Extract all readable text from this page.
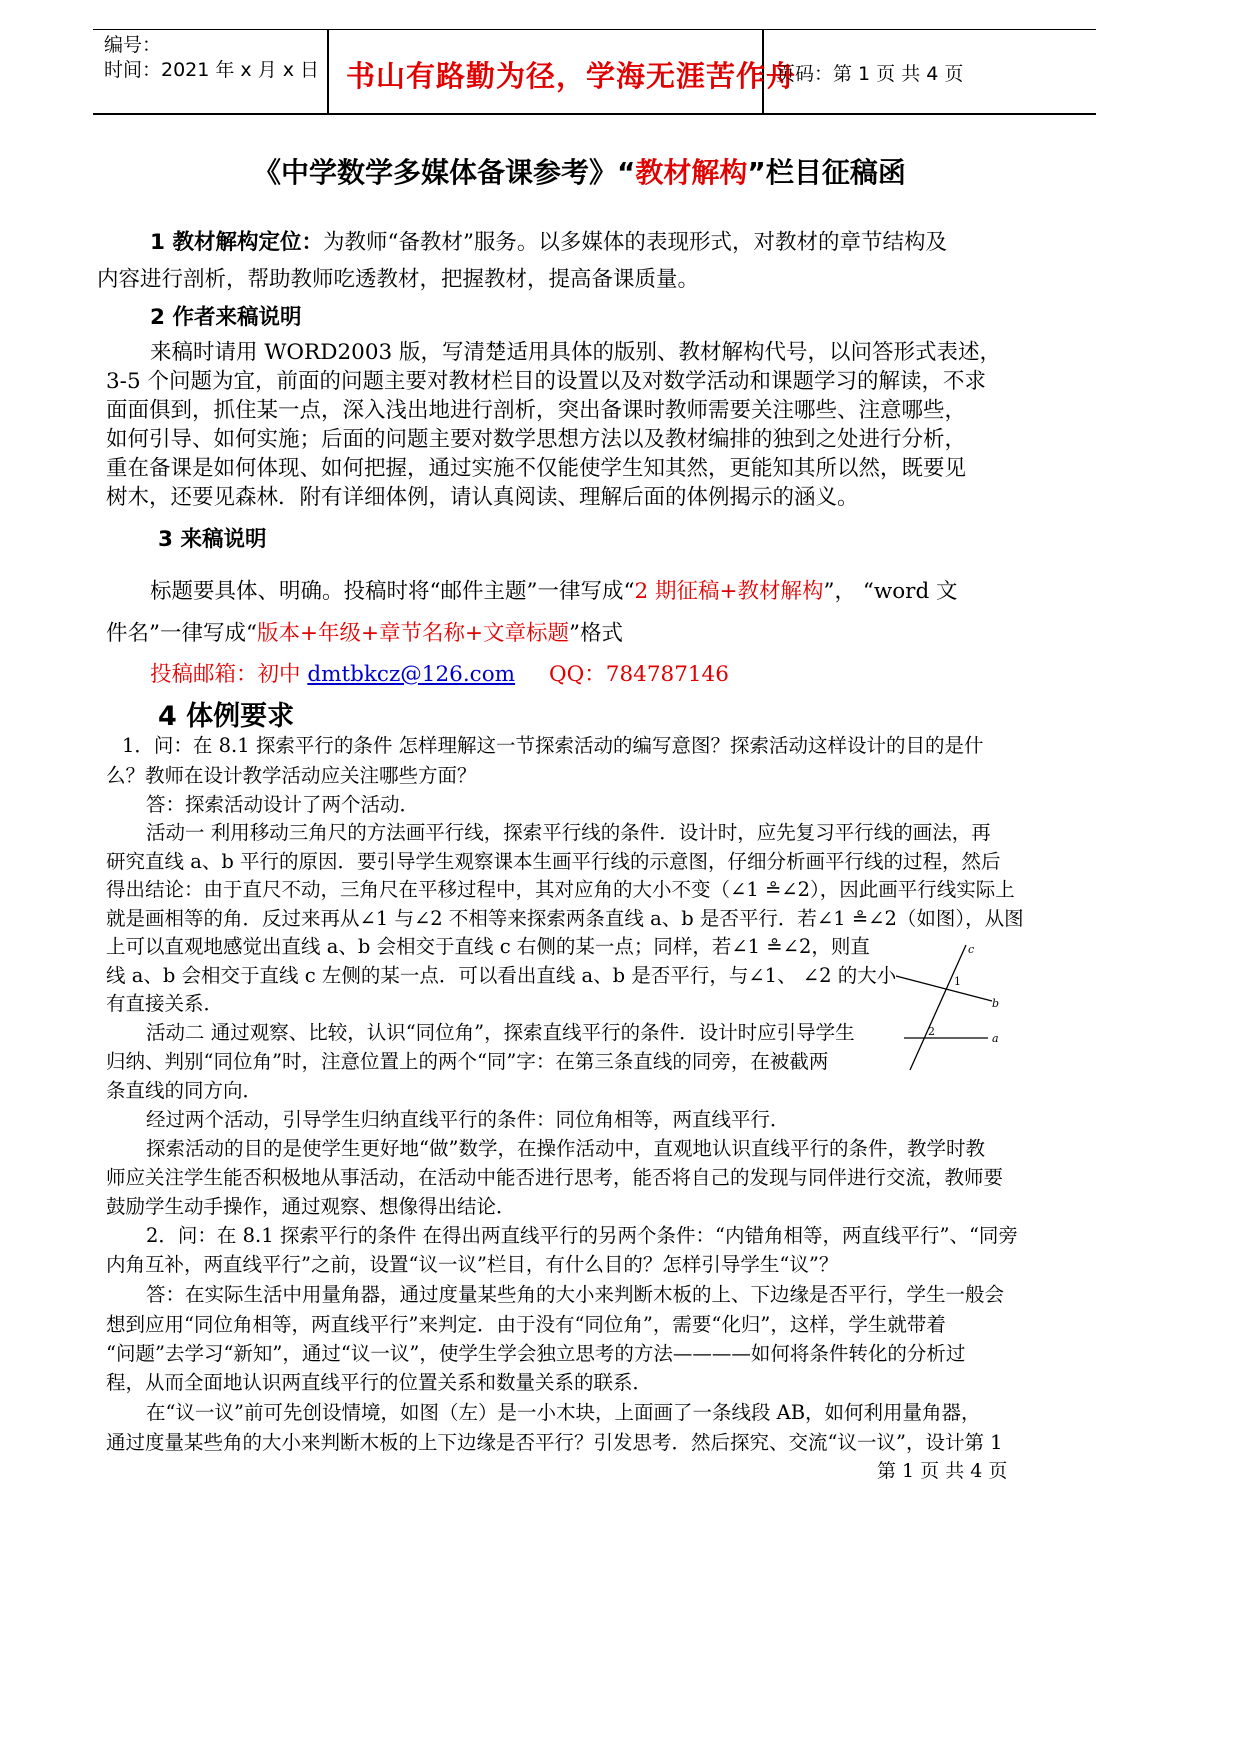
编号：
时间：2021 年 x 月 x 日 书山有路勤为径，学海无涯苦作舟
页码：第 1 页 共 4 页
《中学数学多媒体备课参考》“教材解构”栏目征稿函
1 教材解构定位：为教师“备教材”服务。以多媒体的表现形式，对教材的章节结构及
内容进行剖析，帮助教师吃透教材，把握教材，提高备课质量。
2 作者来稿说明
来稿时请用 WORD2003 版，写清楚适用具体的版别、教材解构代号，以问答形式表述，
3-5 个问题为宜，前面的问题主要对教材栏目的设置以及对数学活动和课题学习的解读，不求
面面俱到，抓住某一点，深入浅出地进行剖析，突出备课时教师需要关注哪些、注意哪些，
如何引导、如何实施；后面的问题主要对数学思想方法以及教材编排的独到之处进行分析，
重在备课是如何体现、如何把握，通过实施不仅能使学生知其然，更能知其所以然，既要见
树木，还要见森林．附有详细体例，请认真阅读、理解后面的体例揭示的涵义。
3 来稿说明
标题要具体、明确。投稿时将“邮件主题”一律写成“2 期征稿+教材解构”， “word 文
件名”一律写成“版本+年级+章节名称+文章标题”格式
投稿邮箱：初中 dmtbkcz@126.com QQ：784787146
4 体例要求
1．问：在 8.1 探索平行的条件 怎样理解这一节探索活动的编写意图？探索活动这样设计的目的是什
么？教师在设计教学活动应关注哪些方面？
答：探索活动设计了两个活动．
活动一 利用移动三角尺的方法画平行线，探索平行线的条件．设计时，应先复习平行线的画法，再
研究直线 a、b 平行的原因．要引导学生观察课本生画平行线的示意图，仔细分析画平行线的过程，然后
得出结论：由于直尺不动，三角尺在平移过程中，其对应角的大小不变（∠1 ≗∠2），因此画平行线实际上
就是画相等的角．反过来再从∠1 与∠2 不相等来探索两条直线 a、b 是否平行．若∠1 ≗∠2（如图），从图
上可以直观地感觉出直线 a、b 会相交于直线 c 右侧的某一点；同样，若∠1 ≗∠2，则直
线 a、b 会相交于直线 c 左侧的某一点．可以看出直线 a、b 是否平行，与∠1、 ∠2 的大小
有直接关系．
活动二 通过观察、比较，认识“同位角”，探索直线平行的条件．设计时应引导学生
归纳、判别“同位角”时，注意位置上的两个“同”字：在第三条直线的同旁，在被截两
条直线的同方向．
经过两个活动，引导学生归纳直线平行的条件：同位角相等，两直线平行．
探索活动的目的是使学生更好地“做”数学，在操作活动中，直观地认识直线平行的条件，教学时教
师应关注学生能否积极地从事活动，在活动中能否进行思考，能否将自己的发现与同伴进行交流，教师要
鼓励学生动手操作，通过观察、想像得出结论．
2．问：在 8.1 探索平行的条件 在得出两直线平行的另两个条件：“内错角相等，两直线平行”、“同旁
内角互补，两直线平行”之前，设置“议一议”栏目，有什么目的？怎样引导学生“议”？
答：在实际生活中用量角器，通过度量某些角的大小来判断木板的上、下边缘是否平行，学生一般会
想到应用“同位角相等，两直线平行”来判定．由于没有“同位角”，需要“化归”，这样，学生就带着
“问题”去学习“新知”，通过“议一议”，使学生学会独立思考的方法————如何将条件转化的分析过
程，从而全面地认识两直线平行的位置关系和数量关系的联系．
在“议一议”前可先创设情境，如图（左）是一小木块，上面画了一条线段 AB，如何利用量角器，
通过度量某些角的大小来判断木板的上下边缘是否平行？引发思考．然后探究、交流“议一议”，设计第 1
c
1
b
2
a
第 1 页 共 4 页
